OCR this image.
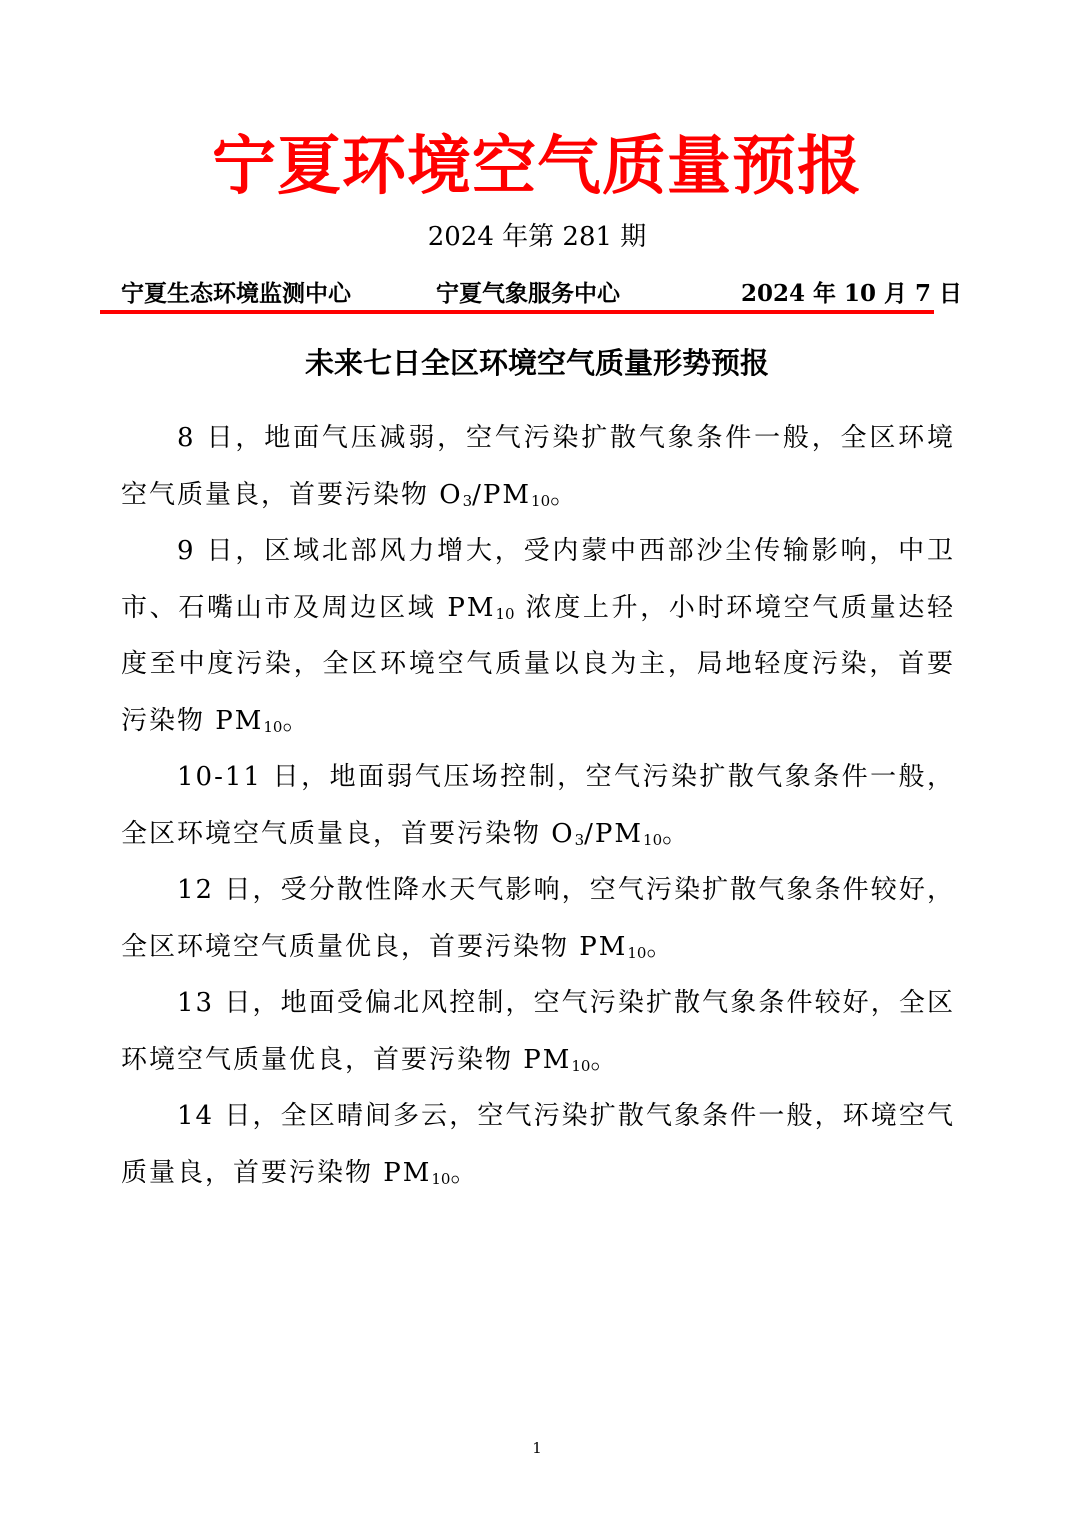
宁夏环境空气质量预报
2024 年第 281 期
宁夏生态环境监测中心	宁夏气象服务中心	2024 年 10 月 7 日
未来七日全区环境空气质量形势预报

8 日，地面气压减弱，空气污染扩散气象条件一般，全区环境空气质量良，首要污染物 $O_3/PM_{10}$。

9 日，区域北部风力增大，受内蒙中西部沙尘传输影响，中卫市、石嘴山市及周边区域 $PM_{10}$ 浓度上升，小时环境空气质量达轻度至中度污染，全区环境空气质量以良为主，局地轻度污染，首要污染物 $PM_{10}$。

10-11 日，地面弱气压场控制，空气污染扩散气象条件一般，全区环境空气质量良，首要污染物 $O_3/PM_{10}$。

12 日，受分散性降水天气影响，空气污染扩散气象条件较好，全区环境空气质量优良，首要污染物 $PM_{10}$。

13 日，地面受偏北风控制，空气污染扩散气象条件较好，全区环境空气质量优良，首要污染物 $PM_{10}$。

14 日，全区晴间多云，空气污染扩散气象条件一般，环境空气质量良，首要污染物 $PM_{10}$。

1
